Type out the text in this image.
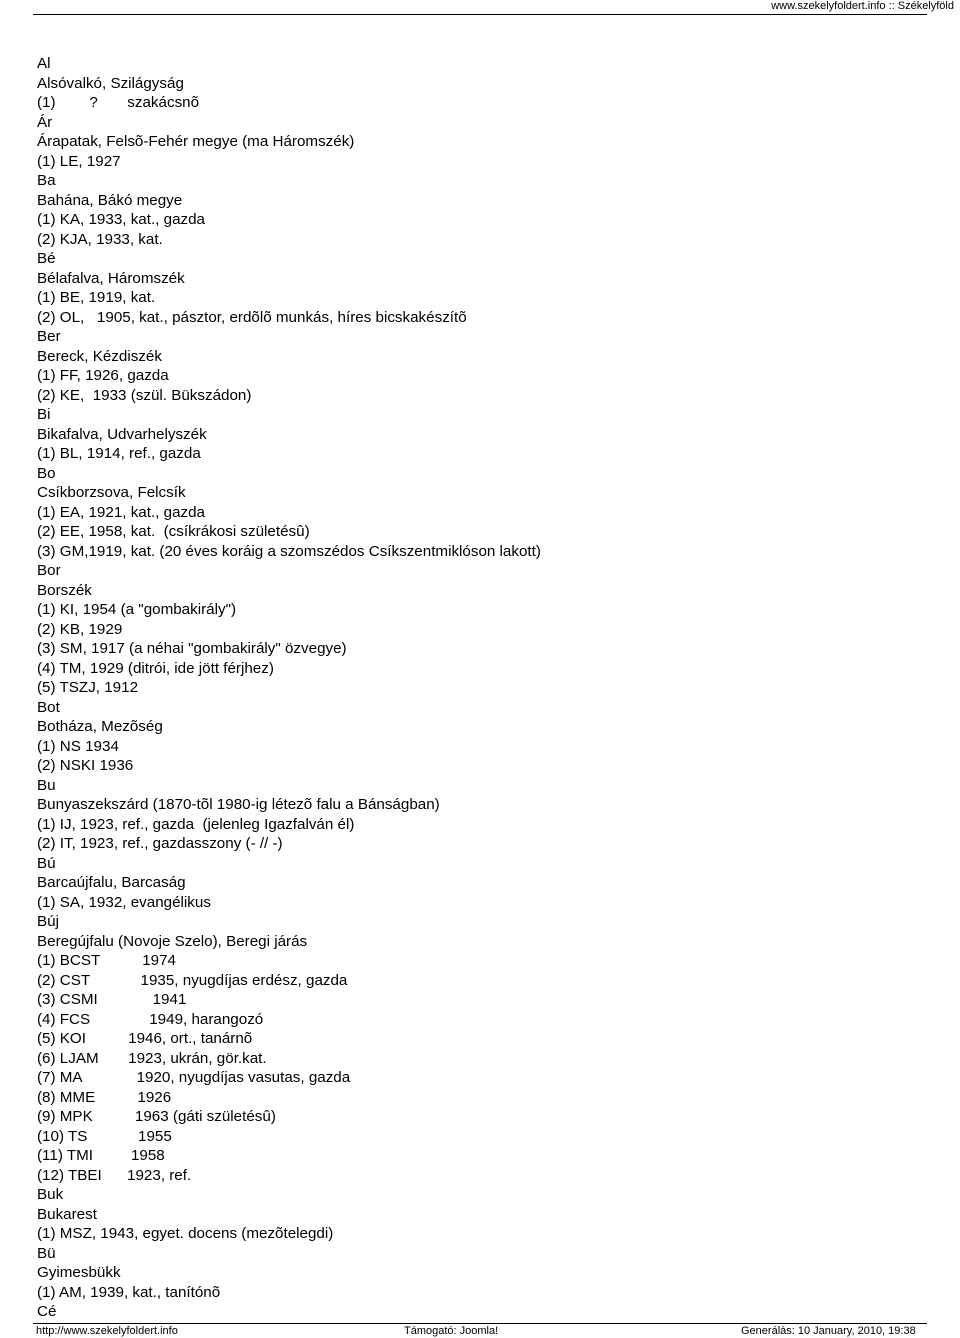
www.szekelyfoldert.info :: Székelyföld
Al
Alsóvalkó, Szilágyság
(1)        ?       szakácsnõ
Ár
Árapatak, Felsõ-Fehér megye (ma Háromszék)
(1) LE, 1927
Ba
Bahána, Bákó megye
(1) KA, 1933, kat., gazda
(2) KJA, 1933, kat.
Bé
Bélafalva, Háromszék
(1) BE, 1919, kat.
(2) OL,   1905, kat., pásztor, erdõlõ munkás, híres bicskakészítõ
Ber
Bereck, Kézdiszék
(1) FF, 1926, gazda
(2) KE,  1933 (szül. Bükszádon)
Bi
Bikafalva, Udvarhelyszék
(1) BL, 1914, ref., gazda
Bo
Csíkborzsova, Felcsík
(1) EA, 1921, kat., gazda
(2) EE, 1958, kat.  (csíkrákosi születésû)
(3) GM,1919, kat. (20 éves koráig a szomszédos Csíkszentmiklóson lakott)
Bor
Borszék
(1) KI, 1954 (a "gombakirály")
(2) KB, 1929
(3) SM, 1917 (a néhai "gombakirály" özvegye)
(4) TM, 1929 (ditrói, ide jött férjhez)
(5) TSZJ, 1912
Bot
Botháza, Mezõség
(1) NS 1934
(2) NSKI 1936
Bu
Bunyaszekszárd (1870-tõl 1980-ig létezõ falu a Bánságban)
(1) IJ, 1923, ref., gazda  (jelenleg Igazfalván él)
(2) IT, 1923, ref., gazdasszony (- // -)
Bú
Barcaújfalu, Barcaság
(1) SA, 1932, evangélikus
Búj
Beregújfalu (Novoje Szelo), Beregi járás
(1) BCST          1974
(2) CST            1935, nyugdíjas erdész, gazda
(3) CSMI             1941
(4) FCS              1949, harangozó
(5) KOI          1946, ort., tanárnõ
(6) LJAM       1923, ukrán, gör.kat.
(7) MA             1920, nyugdíjas vasutas, gazda
(8) MME          1926
(9) MPK          1963 (gáti születésû)
(10) TS            1955
(11) TMI         1958
(12) TBEI      1923, ref.
Buk
Bukarest
(1) MSZ, 1943, egyet. docens (mezõtelegdi)
Bü
Gyimesbükk
(1) AM, 1939, kat., tanítónõ
Cé
http://www.szekelyfoldert.info	Támogató: Joomla!	Generálás: 10 January, 2010, 19:38
